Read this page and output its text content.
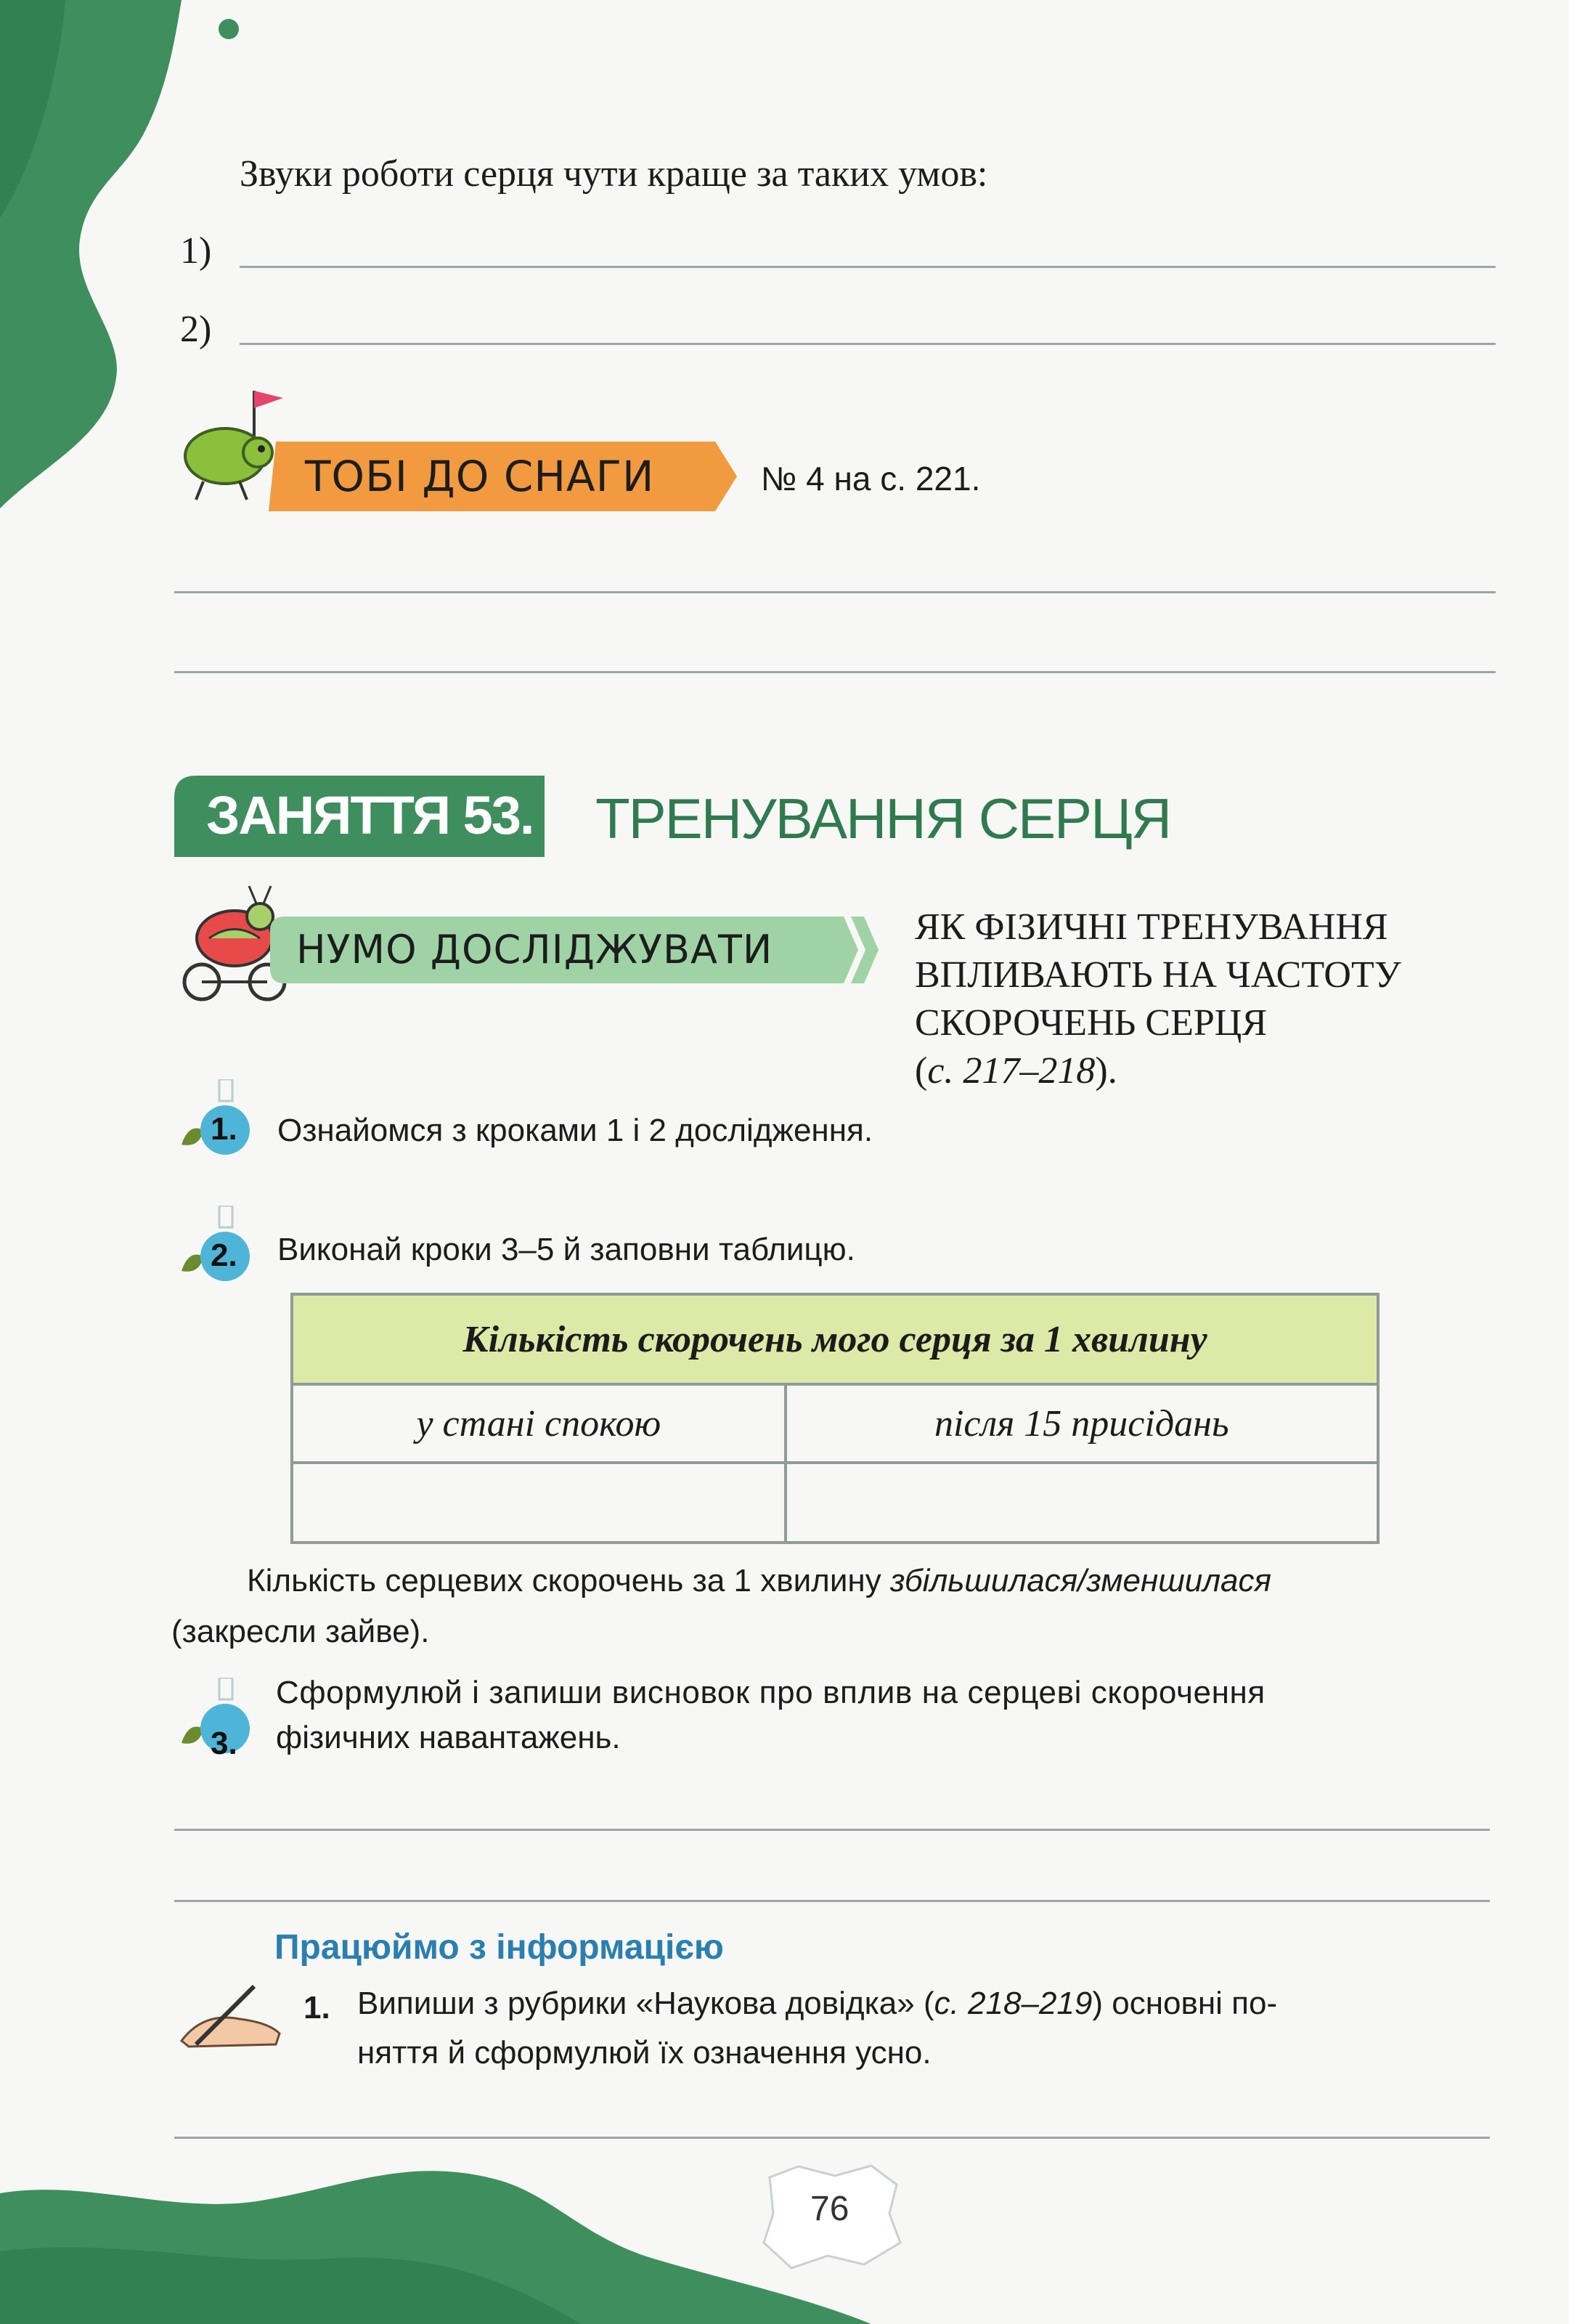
Звуки роботи серця чути краще за таких умов:
1)
2)
ТОБІ ДО СНАГИ	№ 4 на с. 221.
ЗАНЯТТЯ 53. ТРЕНУВАННЯ СЕРЦЯ
НУМО ДОСЛІДЖУВАТИ	ЯК ФІЗИЧНІ ТРЕНУВАННЯ
ВПЛИВАЮТЬ НА ЧАСТОТУ
СКОРОЧЕНЬ СЕРЦЯ
(с. 217–218).
1. Ознайомся з кроками 1 і 2 дослідження.
2. Виконай кроки 3–5 й заповни таблицю.
Кількість скорочень мого серця за 1 хвилину	
у стані спокою	після 15 присідань

Кількість серцевих скорочень за 1 хвилину збільшилася/зменшилася
(закресли зайве).
3.
Сформулюй і запиши висновок про вплив на серцеві скорочення
фізичних навантажень.
Працюймо з інформацією
1. Випиши з рубрики «Наукова довідка» (с. 218–219) основні по-
няття й сформулюй їх означення усно.
76
